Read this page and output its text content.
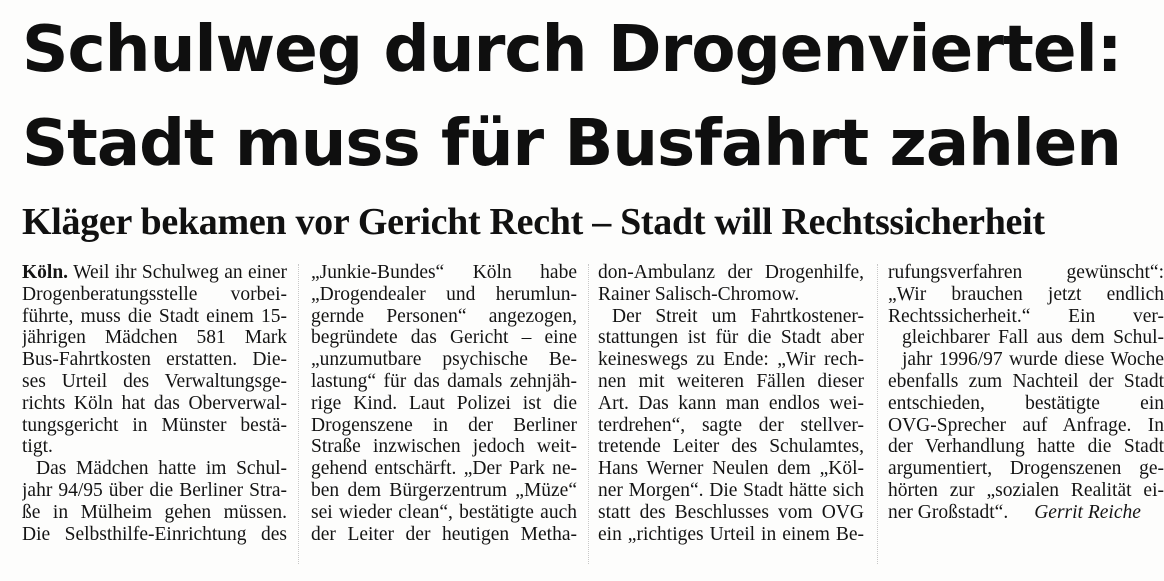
Schulweg durch Drogenviertel:
Stadt muss für Busfahrt zahlen
Kläger bekamen vor Gericht Recht – Stadt will Rechtssicherheit
Köln. Weil ihr Schulweg an einer
Drogenberatungsstelle vorbei-
führte, muss die Stadt einem 15-
jährigen Mädchen 581 Mark
Bus-Fahrtkosten erstatten. Die-
ses Urteil des Verwaltungsge-
richts Köln hat das Oberverwal-
tungsgericht in Münster bestä-
tigt.
Das Mädchen hatte im Schul-
jahr 94/95 über die Berliner Stra-
ße in Mülheim gehen müssen.
Die Selbsthilfe-Einrichtung des
„Junkie-Bundes“ Köln habe
„Drogendealer und herumlun-
gernde Personen“ angezogen,
begründete das Gericht – eine
„unzumutbare psychische Be-
lastung“ für das damals zehnjäh-
rige Kind. Laut Polizei ist die
Drogenszene in der Berliner
Straße inzwischen jedoch weit-
gehend entschärft. „Der Park ne-
ben dem Bürgerzentrum „Müze“
sei wieder clean“, bestätigte auch
der Leiter der heutigen Metha-
don-Ambulanz der Drogenhilfe,
Rainer Salisch-Chromow.
Der Streit um Fahrtkostener-
stattungen ist für die Stadt aber
keineswegs zu Ende: „Wir rech-
nen mit weiteren Fällen dieser
Art. Das kann man endlos wei-
terdrehen“, sagte der stellver-
tretende Leiter des Schulamtes,
Hans Werner Neulen dem „Köl-
ner Morgen“. Die Stadt hätte sich
statt des Beschlusses vom OVG
ein „richtiges Urteil in einem Be-
rufungsverfahren gewünscht“:
„Wir brauchen jetzt endlich
Rechtssicherheit.“ Ein ver-
gleichbarer Fall aus dem Schul-
jahr 1996/97 wurde diese Woche
ebenfalls zum Nachteil der Stadt
entschieden, bestätigte ein
OVG-Sprecher auf Anfrage. In
der Verhandlung hatte die Stadt
argumentiert, Drogenszenen ge-
hörten zur „sozialen Realität ei-
ner Großstadt“. Gerrit Reiche
